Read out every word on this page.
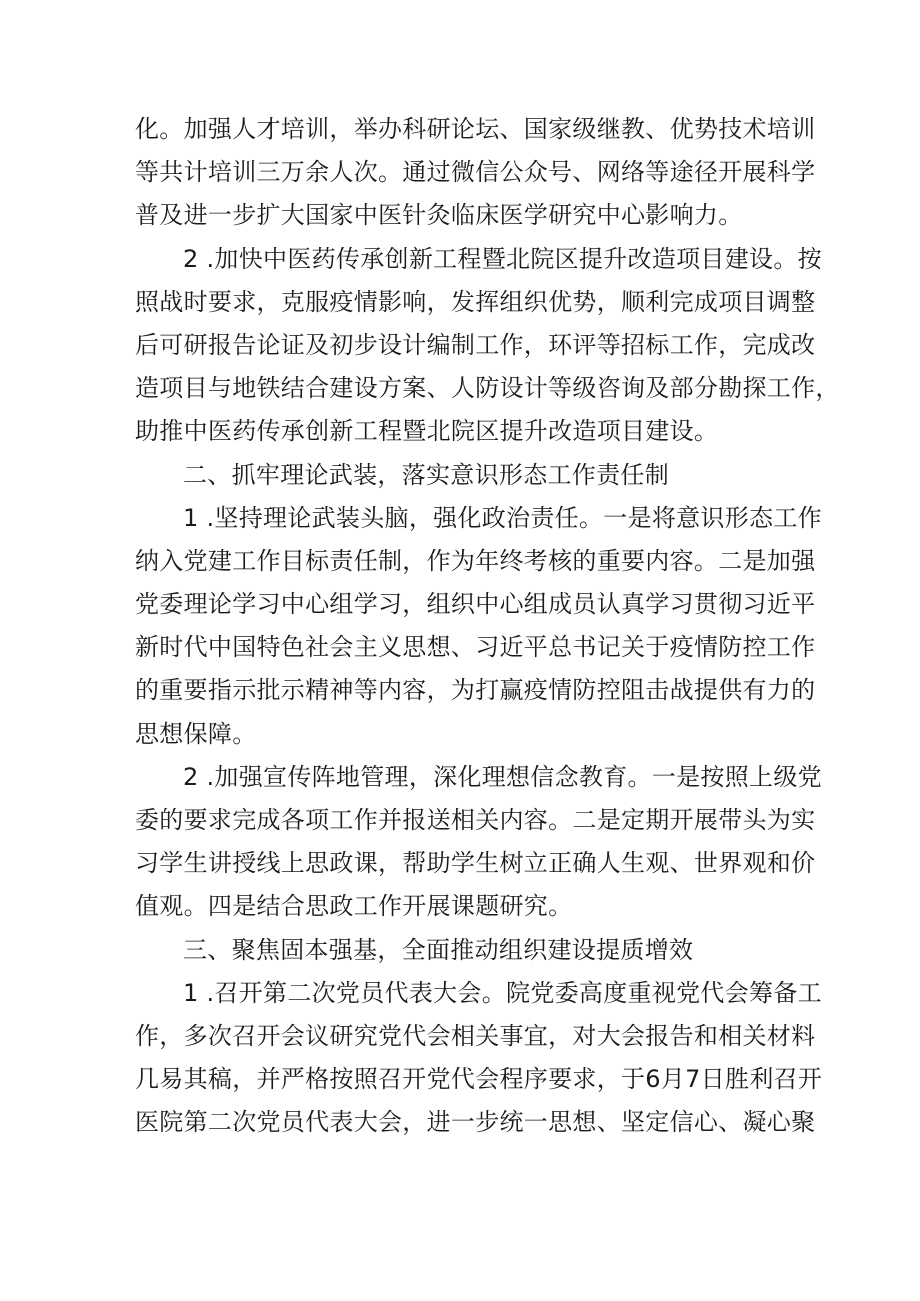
化。加强人才培训，举办科研论坛、国家级继教、优势技术培训
等共计培训三万余人次。通过微信公众号、网络等途径开展科学
普及进一步扩大国家中医针灸临床医学研究中心影响力。
2 .加快中医药传承创新工程暨北院区提升改造项目建设。按
照战时要求，克服疫情影响，发挥组织优势，顺利完成项目调整
后可研报告论证及初步设计编制工作，环评等招标工作，完成改
造项目与地铁结合建设方案、人防设计等级咨询及部分勘探工作，
助推中医药传承创新工程暨北院区提升改造项目建设。
二、抓牢理论武装，落实意识形态工作责任制
1 .坚持理论武装头脑，强化政治责任。一是将意识形态工作
纳入党建工作目标责任制，作为年终考核的重要内容。二是加强
党委理论学习中心组学习，组织中心组成员认真学习贯彻习近平
新时代中国特色社会主义思想、习近平总书记关于疫情防控工作
的重要指示批示精神等内容，为打赢疫情防控阻击战提供有力的
思想保障。
2 .加强宣传阵地管理，深化理想信念教育。一是按照上级党
委的要求完成各项工作并报送相关内容。二是定期开展带头为实
习学生讲授线上思政课，帮助学生树立正确人生观、世界观和价
值观。四是结合思政工作开展课题研究。
三、聚焦固本强基，全面推动组织建设提质增效
1 .召开第二次党员代表大会。院党委高度重视党代会筹备工
作，多次召开会议研究党代会相关事宜，对大会报告和相关材料
几易其稿，并严格按照召开党代会程序要求，于6月7日胜利召开
医院第二次党员代表大会，进一步统一思想、坚定信心、凝心聚
